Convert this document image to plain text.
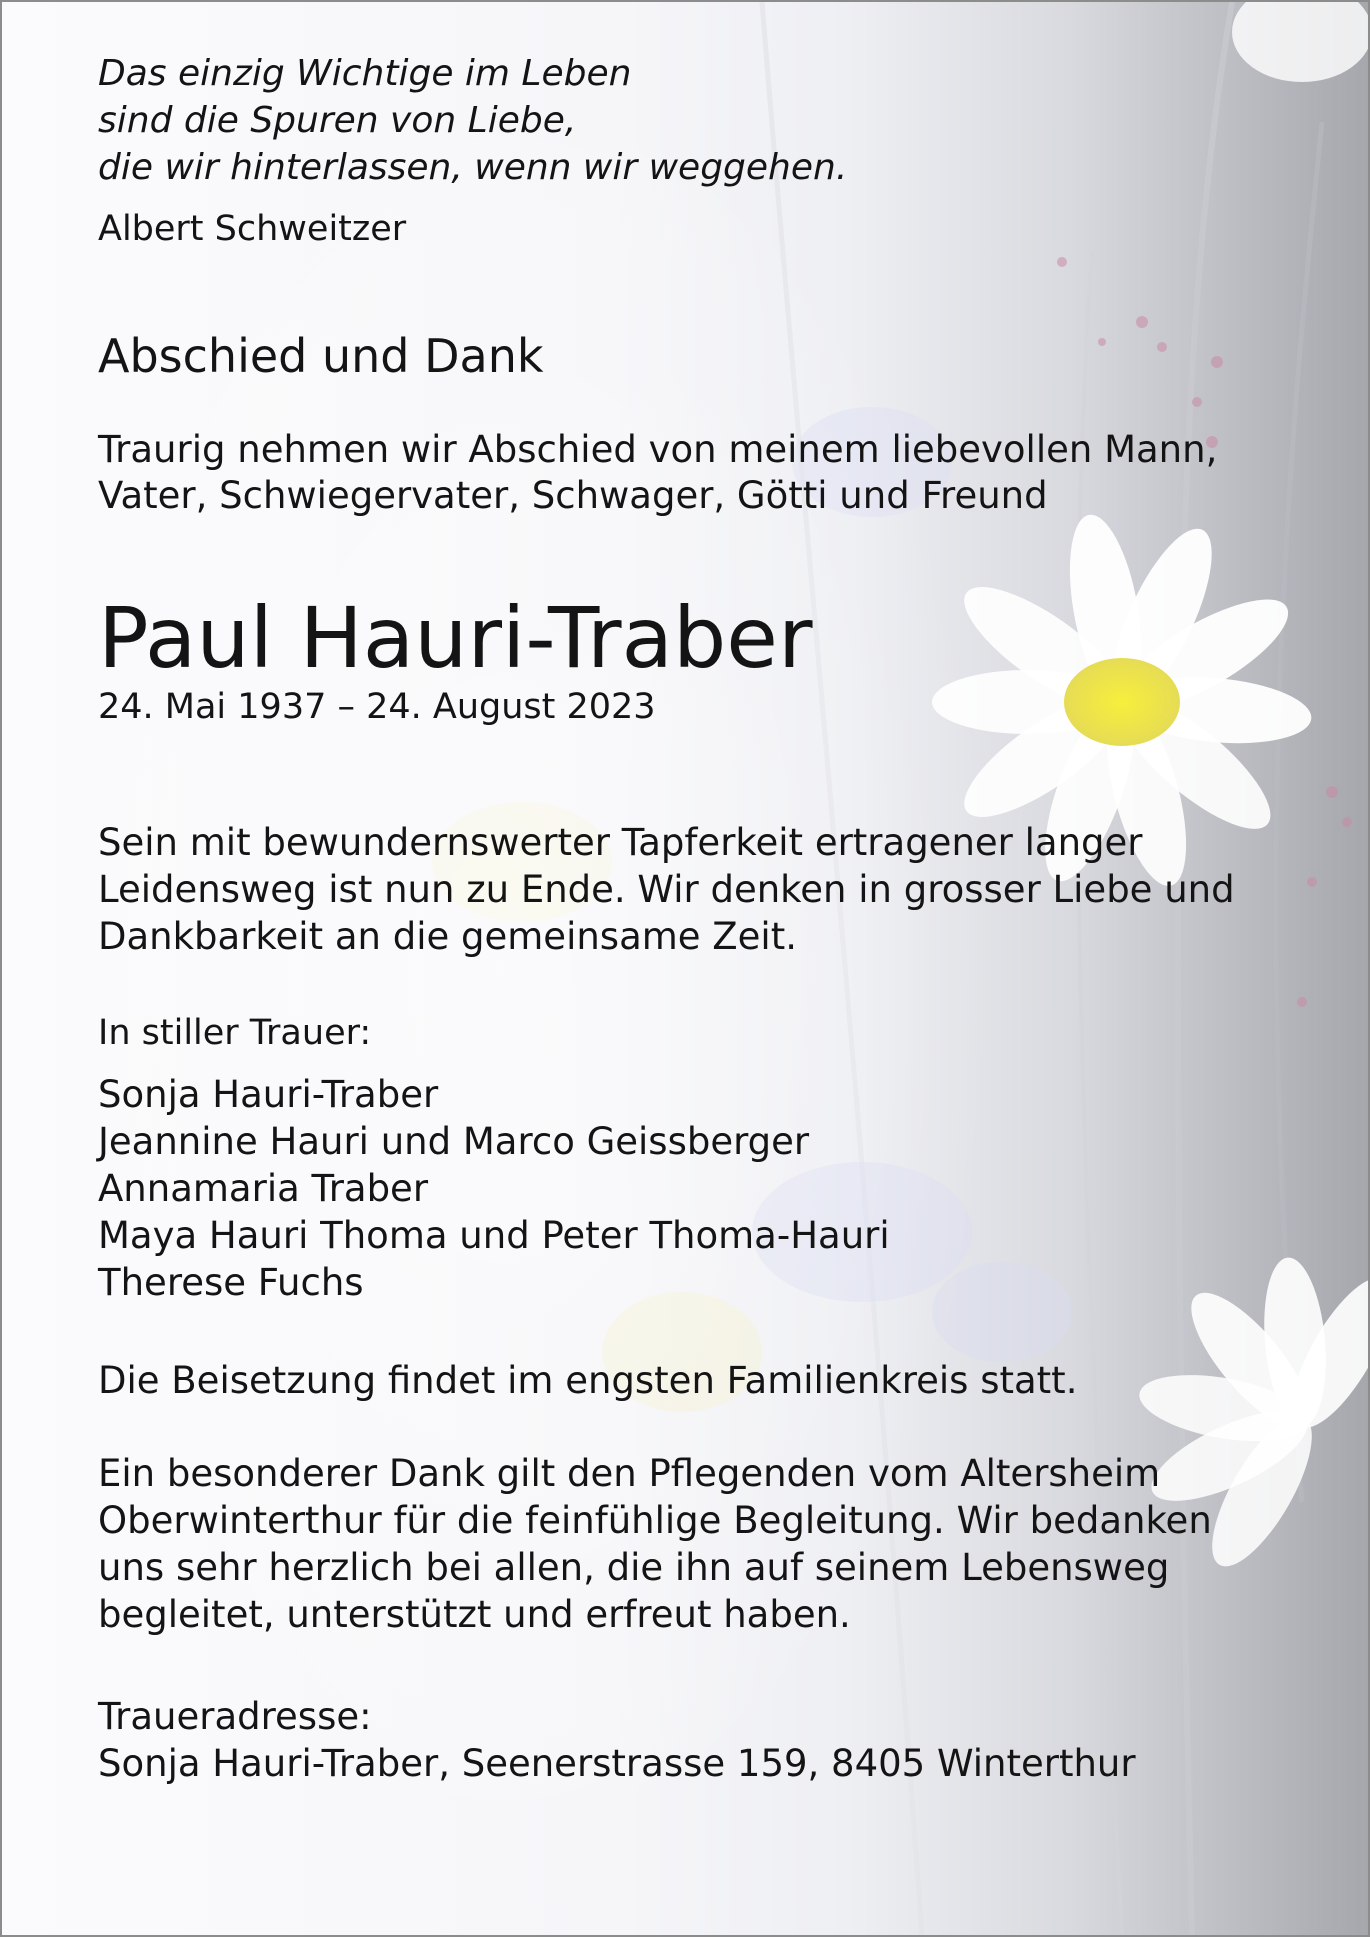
Das einzig Wichtige im Leben
sind die Spuren von Liebe,
die wir hinterlassen, wenn wir weggehen.
Albert Schweitzer
Abschied und Dank
Traurig nehmen wir Abschied von meinem liebevollen Mann,
Vater, Schwiegervater, Schwager, Götti und Freund
Paul Hauri-Traber
24. Mai 1937 – 24. August 2023
Sein mit bewundernswerter Tapferkeit ertragener langer
Leidensweg ist nun zu Ende. Wir denken in grosser Liebe und
Dankbarkeit an die gemeinsame Zeit.
In stiller Trauer:
Sonja Hauri-Traber
Jeannine Hauri und Marco Geissberger
Annamaria Traber
Maya Hauri Thoma und Peter Thoma-Hauri
Therese Fuchs
Die Beisetzung findet im engsten Familienkreis statt.
Ein besonderer Dank gilt den Pflegenden vom Altersheim
Oberwinterthur für die feinfühlige Begleitung. Wir bedanken
uns sehr herzlich bei allen, die ihn auf seinem Lebensweg
begleitet, unterstützt und erfreut haben.
Traueradresse:
Sonja Hauri-Traber, Seenerstrasse 159, 8405 Winterthur
